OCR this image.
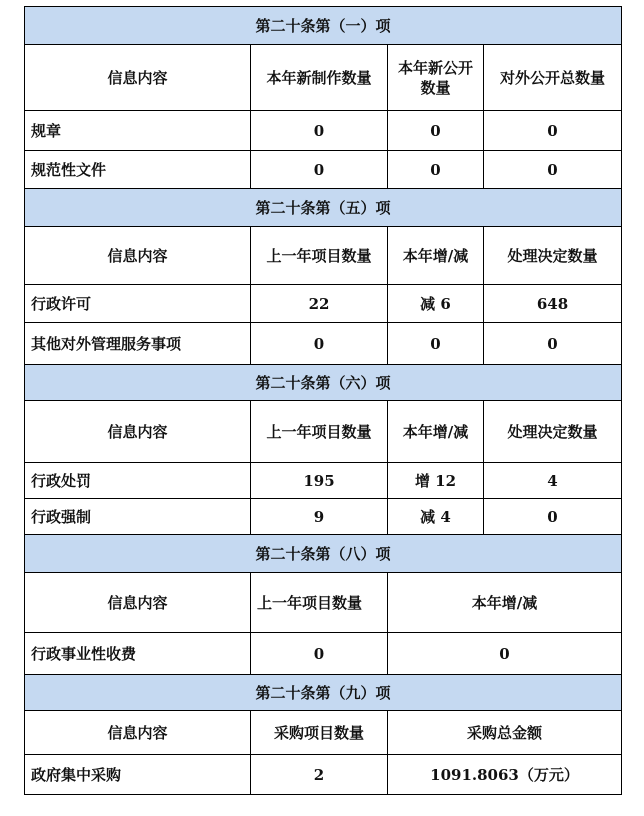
第二十条第（一）项			
信息内容	本年新制作数量	本年新公开数量	对外公开总数量
规章	0	0	0
规范性文件	0	0	0
第二十条第（五）项			
信息内容	上一年项目数量	本年增/减	处理决定数量
行政许可	22	减 6	648
其他对外管理服务事项	0	0	0
第二十条第（六）项			
信息内容	上一年项目数量	本年增/减	处理决定数量
行政处罚	195	增 12	4
行政强制	9	减 4	0
第二十条第（八）项			
信息内容	上一年项目数量	本年增/减	
行政事业性收费	0	0	
第二十条第（九）项			
信息内容	采购项目数量	采购总金额	
政府集中采购	2	1091.8063（万元）	
